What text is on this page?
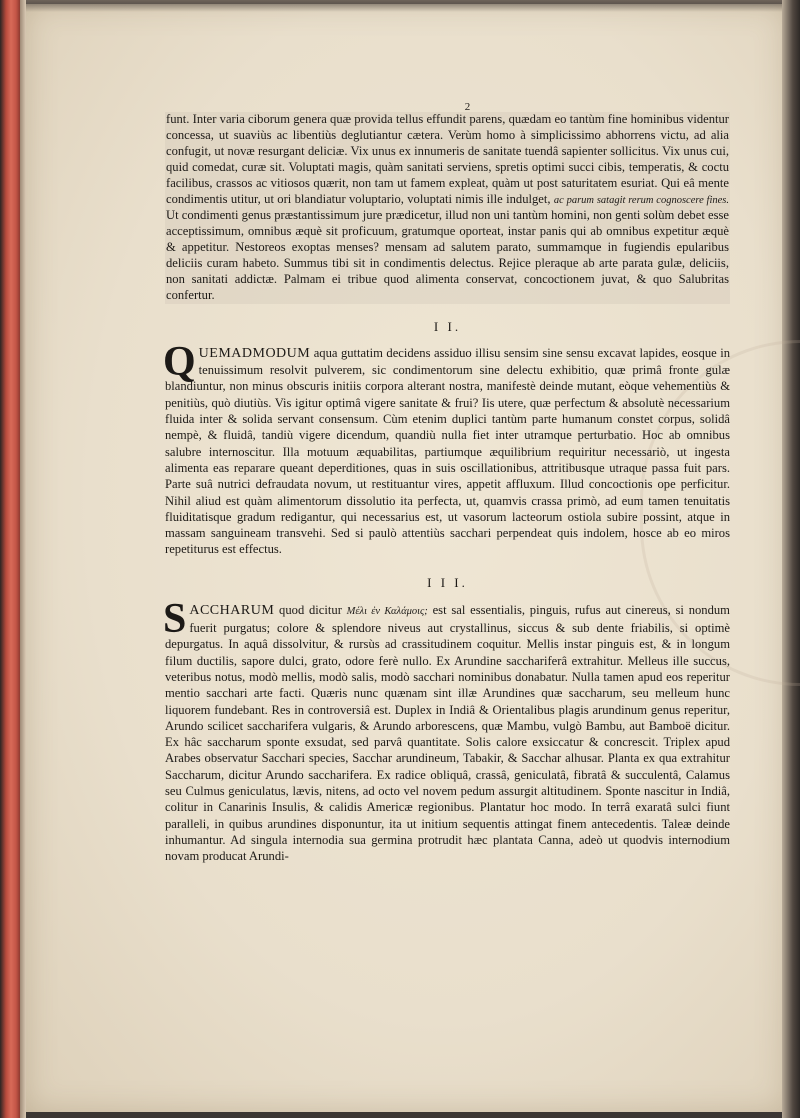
2

funt. Inter varia ciborum genera quæ provida tellus effundit parens, quædam eo tantùm fine hominibus videntur concessa, ut suaviùs ac libentiùs deglutiantur cætera. Verùm homo à simplicissimo abhorrens victu, ad alia confugit, ut novæ resurgant deliciæ. Vix unus ex innumeris de sanitate tuendâ sapienter sollicitus. Vix unus cui, quid comedat, curæ sit. Voluptati magis, quàm sanitati serviens, spretis optimi succi cibis, temperatis, & coctu facilibus, crassos ac vitiosos quærit, non tam ut famem expleat, quàm ut post saturitatem esuriat. Qui eâ mente condimentis utitur, ut ori blandiatur voluptario, voluptati nimis ille indulget, ac parum satagit rerum cognoscere fines. Ut condimenti genus præstantissimum jure prædicetur, illud non uni tantùm homini, non genti solùm debet esse acceptissimum, omnibus æquè sit proficuum, gratumque oporteat, instar panis qui ab omnibus expetitur æquè & appetitur. Nestoreos exoptas menses? mensam ad salutem parato, summamque in fugiendis epularibus deliciis curam habeto. Summus tibi sit in condimentis delectus. Rejice pleraque ab arte parata gulæ, deliciis, non sanitati addictæ. Palmam ei tribue quod alimenta conservat, concoctionem juvat, & quo Salubritas confertur.

I I.

QUEMADMODUM aqua guttatim decidens assiduo illisu sensim sine sensu excavat lapides, eosque in tenuissimum resolvit pulverem, sic condimentorum sine delectu exhibitio, quæ primâ fronte gulæ blandiuntur, non minus obscuris initiis corpora alterant nostra, manifestè deinde mutant, eòque vehementiùs & penitiùs, quò diutiùs. Vis igitur optimâ vigere sanitate & frui? Iis utere, quæ perfectum & absolutè necessarium fluida inter & solida servant consensum. Cùm etenim duplici tantùm parte humanum constet corpus, solidâ nempè, & fluidâ, tandiù vigere dicendum, quandiù nulla fiet inter utramque perturbatio. Hoc ab omnibus salubre internoscitur. Illa motuum æquabilitas, partiumque æquilibrium requiritur necessariò, ut ingesta alimenta eas reparare queant deperditiones, quas in suis oscillationibus, attritibusque utraque passa fuit pars. Parte suâ nutrici defraudata novum, ut restituantur vires, appetit affluxum. Illud concoctionis ope perficitur. Nihil aliud est quàm alimentorum dissolutio ita perfecta, ut, quamvis crassa primò, ad eum tamen tenuitatis fluiditatisque gradum redigantur, qui necessarius est, ut vasorum lacteorum ostiola subire possint, atque in massam sanguineam transvehi. Sed si paulò attentiùs sacchari perpendeat quis indolem, hosce ab eo miros repetiturus est effectus.

I I I.

SACCHARUM quod dicitur Μέλι ἐν Καλάμοις; est sal essentialis, pinguis, rufus aut cinereus, si nondum fuerit purgatus; colore & splendore niveus aut crystallinus, siccus & sub dente friabilis, si optimè depurgatus. In aquâ dissolvitur, & rursùs ad crassitudinem coquitur. Mellis instar pinguis est, & in longum filum ductilis, sapore dulci, grato, odore ferè nullo. Ex Arundine sacchariferâ extrahitur. Melleus ille succus, veteribus notus, modò mellis, modò salis, modò sacchari nominibus donabatur. Nulla tamen apud eos reperitur mentio sacchari arte facti. Quæris nunc quænam sint illæ Arundines quæ saccharum, seu melleum hunc liquorem fundebant. Res in controversiâ est. Duplex in Indiâ & Orientalibus plagis arundinum genus reperitur, Arundo scilicet sacchariferа vulgaris, & Arundo arborescens, quæ Mambu, vulgò Bambu, aut Bamboë dicitur. Ex hâc saccharum sponte exsudat, sed parvâ quantitate. Solis calore exsiccatur & concrescit. Triplex apud Arabes observatur Sacchari species, Sacchar arundineum, Tabakir, & Sacchar alhusar. Planta ex qua extrahitur Saccharum, dicitur Arundo sacchariferа. Ex radice obliquâ, crassâ, geniculatâ, fibratâ & succulentâ, Calamus seu Culmus geniculatus, lævis, nitens, ad octo vel novem pedum assurgit altitudinem. Sponte nascitur in Indiâ, colitur in Canarinis Insulis, & calidis Americæ regionibus. Plantatur hoc modo. In terrâ exaratâ sulci fiunt paralleli, in quibus arundines disponuntur, ita ut initium sequentis attingat finem antecedentis. Taleæ deinde inhumantur. Ad singula internodia sua germina protrudit hæc plantata Canna, adeò ut quodvis internodium novam producat Arundi-
